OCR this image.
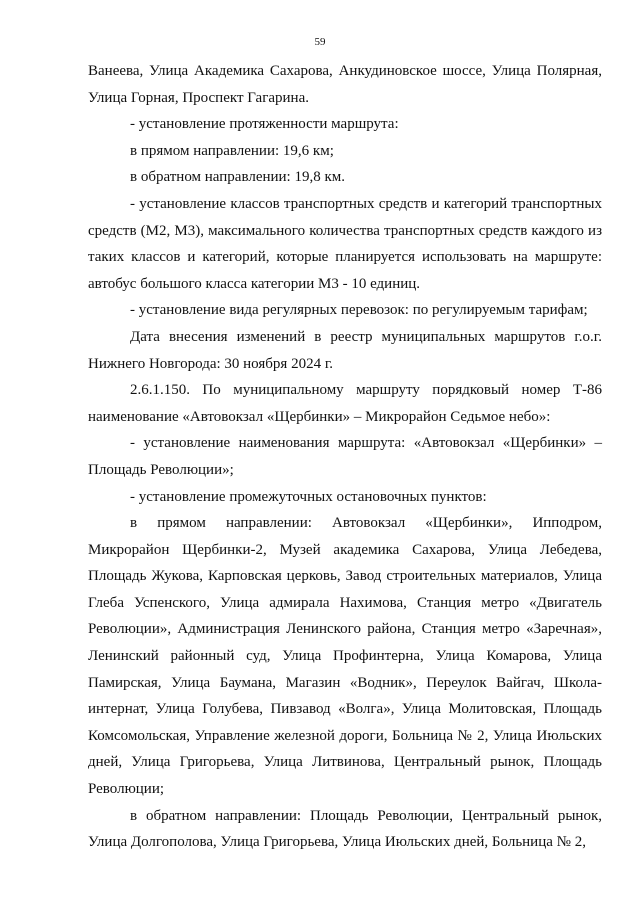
59

Ванеева, Улица Академика Сахарова, Анкудиновское шоссе, Улица Полярная, Улица Горная, Проспект Гагарина.

- установление протяженности маршрута:

в прямом направлении: 19,6 км;

в обратном направлении: 19,8 км.

- установление классов транспортных средств и категорий транспортных средств (М2, М3), максимального количества транспортных средств каждого из таких классов и категорий, которые планируется использовать на маршруте: автобус большого класса категории М3 - 10 единиц.

- установление вида регулярных перевозок: по регулируемым тарифам;

Дата внесения изменений в реестр муниципальных маршрутов г.о.г. Нижнего Новгорода: 30 ноября 2024 г.

2.6.1.150. По муниципальному маршруту порядковый номер Т-86 наименование «Автовокзал «Щербинки» – Микрорайон Седьмое небо»:

- установление наименования маршрута: «Автовокзал «Щербинки» – Площадь Революции»;

- установление промежуточных остановочных пунктов:

в прямом направлении: Автовокзал «Щербинки», Ипподром, Микрорайон Щербинки-2, Музей академика Сахарова, Улица Лебедева, Площадь Жукова, Карповская церковь, Завод строительных материалов, Улица Глеба Успенского, Улица адмирала Нахимова, Станция метро «Двигатель Революции», Администрация Ленинского района, Станция метро «Заречная», Ленинский районный суд, Улица Профинтерна, Улица Комарова, Улица Памирская, Улица Баумана, Магазин «Водник», Переулок Вайгач, Школа-интернат, Улица Голубева, Пивзавод «Волга», Улица Молитовская, Площадь Комсомольская, Управление железной дороги, Больница № 2, Улица Июльских дней, Улица Григорьева, Улица Литвинова, Центральный рынок, Площадь Революции;

в обратном направлении: Площадь Революции, Центральный рынок, Улица Долгополова, Улица Григорьева, Улица Июльских дней, Больница № 2,
